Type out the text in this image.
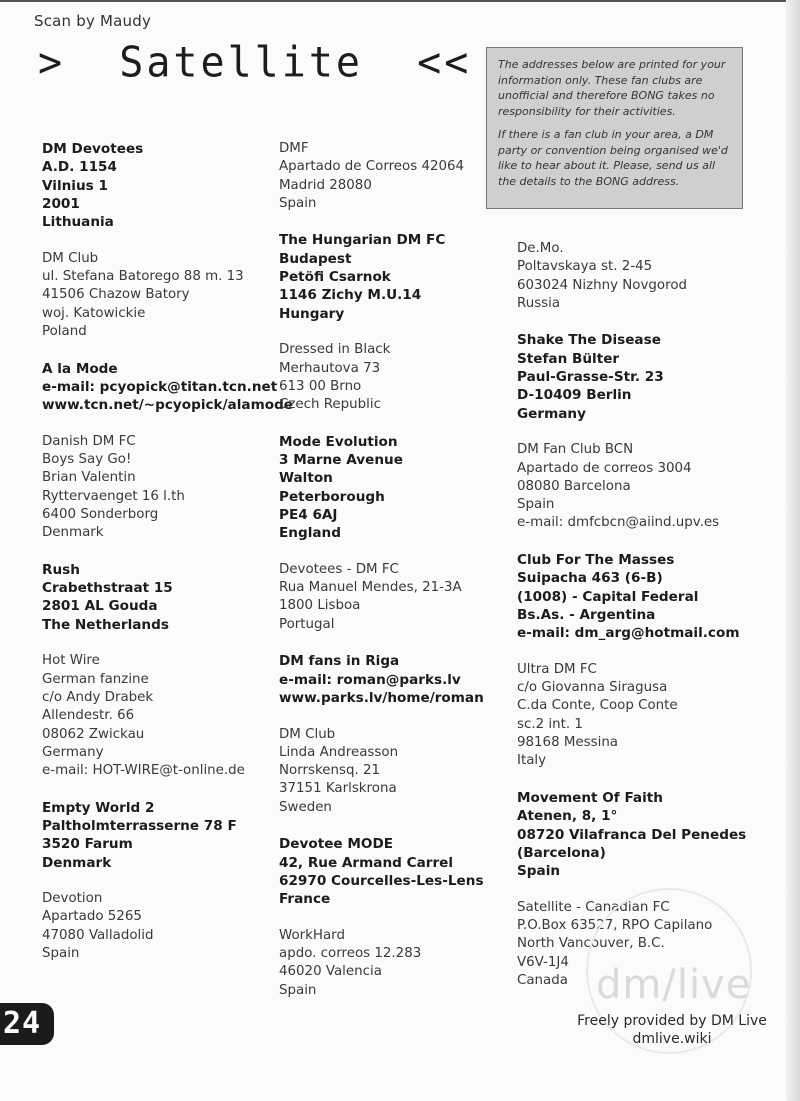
Scan by Maudy
>  Satellite  << The addresses below are printed for your information only. These fan clubs are unofficial and therefore BONG takes no responsibility for their activities.

If there is a fan club in your area, a DM party or convention being organised we'd like to hear about it. Please, send us all the details to the BONG address.

DM Devotees
A.D. 1154
Vilnius 1
2001
Lithuania
DM Club
ul. Stefana Batorego 88 m. 13
41506 Chazow Batory
woj. Katowickie
Poland
A la Mode
e-mail: pcyopick@titan.tcn.net
www.tcn.net/~pcyopick/alamode
Danish DM FC
Boys Say Go!
Brian Valentin
Ryttervaenget 16 l.th
6400 Sonderborg
Denmark
Rush
Crabethstraat 15
2801 AL Gouda
The Netherlands
Hot Wire
German fanzine
c/o Andy Drabek
Allendestr. 66
08062 Zwickau
Germany
e-mail: HOT-WIRE@t-online.de
Empty World 2
Paltholmterrasserne 78 F
3520 Farum
Denmark
Devotion
Apartado 5265
47080 Valladolid
Spain
DMF
Apartado de Correos 42064
Madrid 28080
Spain
The Hungarian DM FC
Budapest
Petöfi Csarnok
1146 Zichy M.U.14
Hungary
Dressed in Black
Merhautova 73
613 00 Brno
Czech Republic
Mode Evolution
3 Marne Avenue
Walton
Peterborough
PE4 6AJ
England
Devotees - DM FC
Rua Manuel Mendes, 21-3A
1800 Lisboa
Portugal
DM fans in Riga
e-mail: roman@parks.lv
www.parks.lv/home/roman
DM Club
Linda Andreasson
Norrskensq. 21
37151 Karlskrona
Sweden
Devotee MODE
42, Rue Armand Carrel
62970 Courcelles-Les-Lens
France
WorkHard
apdo. correos 12.283
46020 Valencia
Spain
De.Mo.
Poltavskaya st. 2-45
603024 Nizhny Novgorod
Russia
Shake The Disease
Stefan Bülter
Paul-Grasse-Str. 23
D-10409 Berlin
Germany
DM Fan Club BCN
Apartado de correos 3004
08080 Barcelona
Spain
e-mail: dmfcbcn@aiind.upv.es
Club For The Masses
Suipacha 463 (6-B)
(1008) - Capital Federal
Bs.As. - Argentina
e-mail: dm_arg@hotmail.com
Ultra DM FC
c/o Giovanna Siragusa
C.da Conte, Coop Conte
sc.2 int. 1
98168 Messina
Italy
Movement Of Faith
Atenen, 8, 1°
08720 Vilafranca Del Penedes
(Barcelona)
Spain
Satellite - Canadian FC
P.O.Box 63527, RPO Capilano
North Vancouver, B.C.
V6V-1J4
Canada dm/live
24	Freely provided by DM Live
dmlive.wiki
